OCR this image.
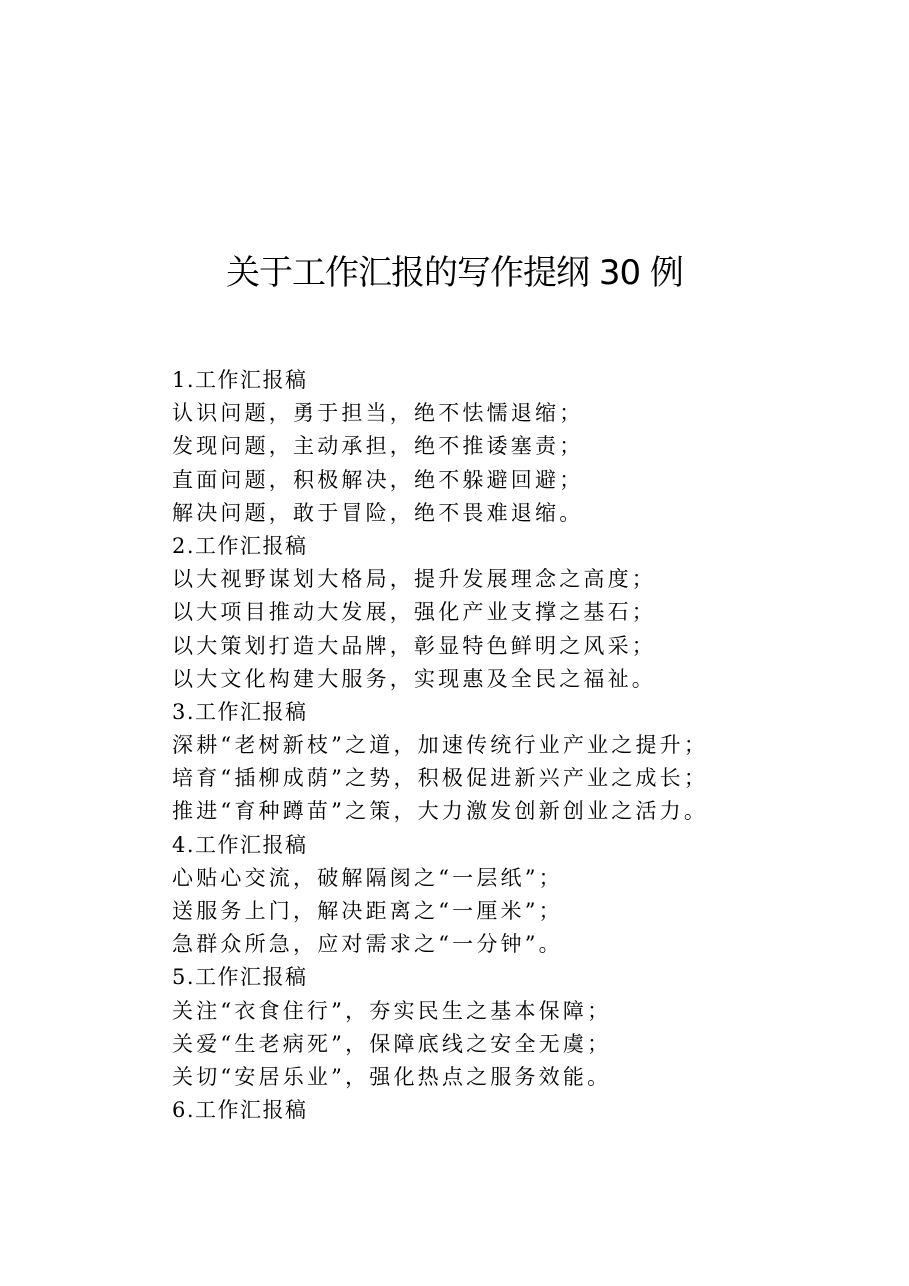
关于工作汇报的写作提纲 30 例
1.工作汇报稿
认识问题，勇于担当，绝不怯懦退缩；
发现问题，主动承担，绝不推诿塞责；
直面问题，积极解决，绝不躲避回避；
解决问题，敢于冒险，绝不畏难退缩。
2.工作汇报稿
以大视野谋划大格局，提升发展理念之高度；
以大项目推动大发展，强化产业支撑之基石；
以大策划打造大品牌，彰显特色鲜明之风采；
以大文化构建大服务，实现惠及全民之福祉。
3.工作汇报稿
深耕“老树新枝”之道，加速传统行业产业之提升；
培育“插柳成荫”之势，积极促进新兴产业之成长；
推进“育种蹲苗”之策，大力激发创新创业之活力。
4.工作汇报稿
心贴心交流，破解隔阂之“一层纸”；
送服务上门，解决距离之“一厘米”；
急群众所急，应对需求之“一分钟”。
5.工作汇报稿
关注“衣食住行”，夯实民生之基本保障；
关爱“生老病死”，保障底线之安全无虞；
关切“安居乐业”，强化热点之服务效能。
6.工作汇报稿
